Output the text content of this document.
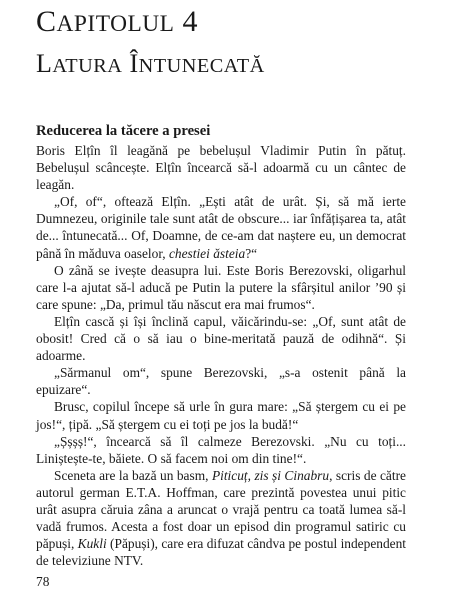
CAPITOLUL 4
LATURA ÎNTUNECATĂ
Reducerea la tăcere a presei

Boris Elțîn îl leagănă pe bebelușul Vladimir Putin în pătuț. Bebelușul scâncește. Elțîn încearcă să-l adoarmă cu un cântec de leagăn.

„Of, of“, oftează Elțîn. „Ești atât de urât. Și, să mă ierte Dumnezeu, originile tale sunt atât de obscure... iar înfățișarea ta, atât de... întunecată... Of, Doamne, de ce-am dat naștere eu, un democrat până în măduva oaselor, chestiei ăsteia?“

O zână se ivește deasupra lui. Este Boris Berezovski, oligarhul care l-a ajutat să-l aducă pe Putin la putere la sfârșitul anilor ’90 și care spune: „Da, primul tău născut era mai frumos“.

Elțîn cască și își înclină capul, văicărindu-se: „Of, sunt atât de obosit! Cred că o să iau o bine-meritată pauză de odihnă“. Și adoarme.

„Sărmanul om“, spune Berezovski, „s-a ostenit până la epuizare“.

Brusc, copilul începe să urle în gura mare: „Să ștergem cu ei pe jos!“, țipă. „Să ștergem cu ei toți pe jos la budă!“

„Șșșș!“, încearcă să îl calmeze Berezovski. „Nu cu toți... Liniștește-te, băiete. O să facem noi om din tine!“.

Sceneta are la bază un basm, Piticuț, zis și Cinabru, scris de către autorul german E.T.A. Hoffman, care prezintă povestea unui pitic urât asupra căruia zâna a aruncat o vrajă pentru ca toată lumea să-l vadă frumos. Acesta a fost doar un episod din programul satiric cu păpuși, Kukli (Păpuși), care era difuzat cândva pe postul independent de televiziune NTV.

78
